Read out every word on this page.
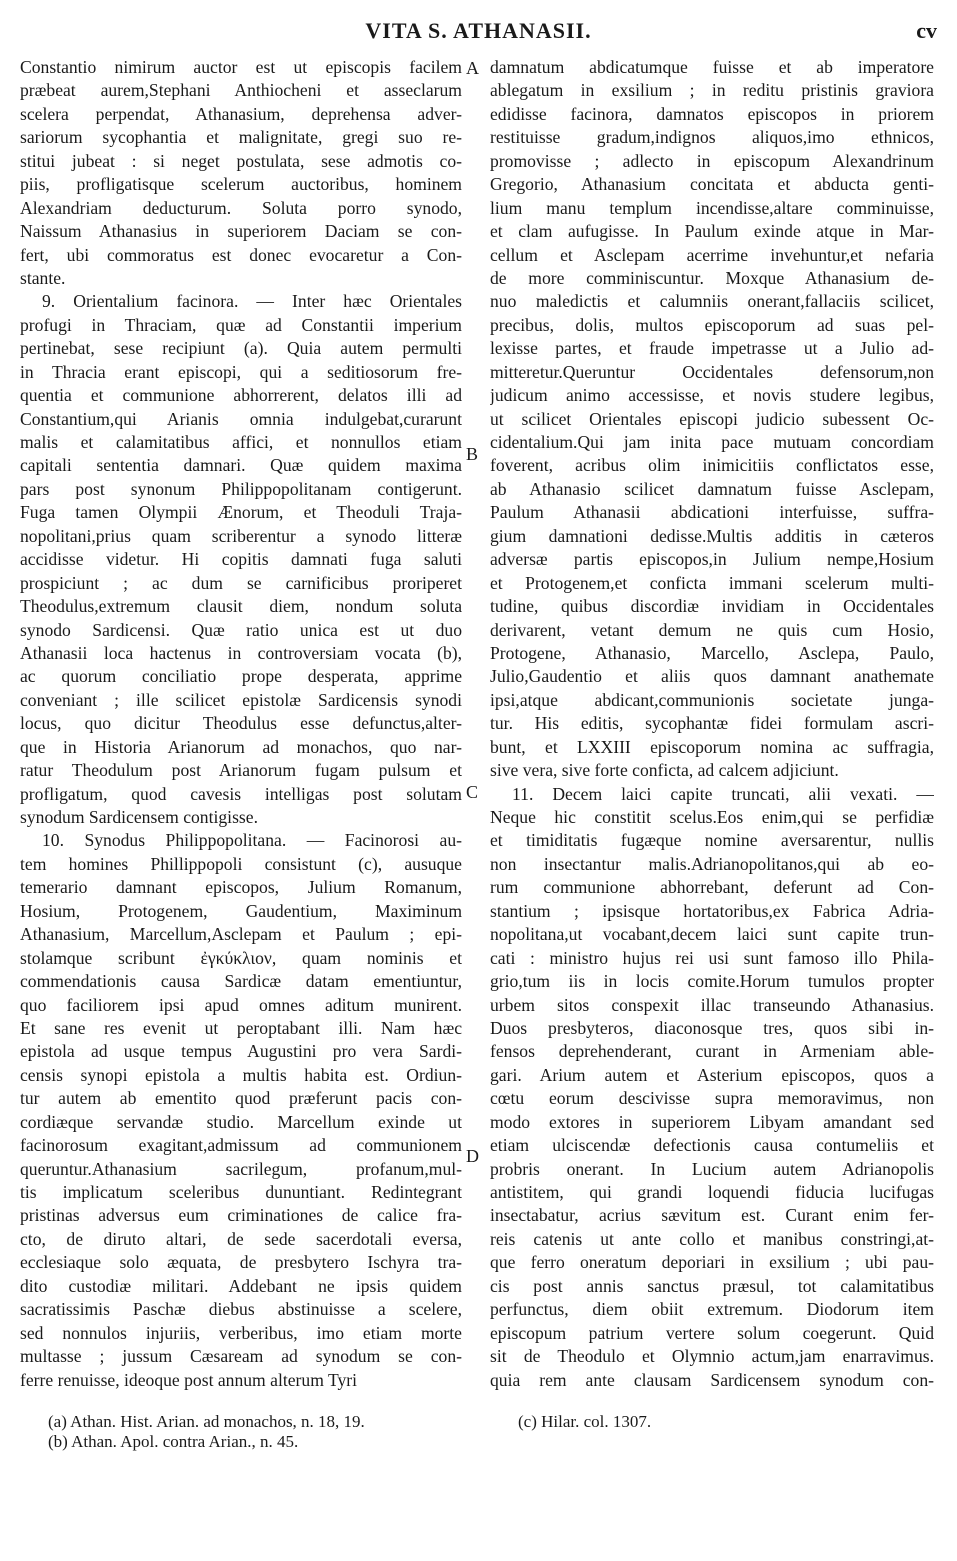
VITA S. ATHANASII.	cv
Constantio nimirum auctor est ut episcopis facilem
præbeat aurem,Stephani Anthiocheni et asseclarum
scelera perpendat, Athanasium, deprehensa adver-
sariorum sycophantia et malignitate, gregi suo re-
stitui jubeat : si neget postulata, sese admotis co-
piis, profligatisque scelerum auctoribus, hominem
Alexandriam deducturum. Soluta porro synodo,
Naissum Athanasius in superiorem Daciam se con-
fert, ubi commoratus est donec evocaretur a Con-
stante.
9. Orientalium facinora. — Inter hæc Orientales
profugi in Thraciam, quæ ad Constantii imperium
pertinebat, sese recipiunt (a). Quia autem permulti
in Thracia erant episcopi, qui a seditiosorum fre-
quentia et communione abhorrerent, delatos illi ad
Constantium,qui Arianis omnia indulgebat,curarunt
malis et calamitatibus affici, et nonnullos etiam
capitali sententia damnari. Quæ quidem maxima
pars post synonum Philippopolitanam contigerunt.
Fuga tamen Olympii Ænorum, et Theoduli Traja-
nopolitani,prius quam scriberentur a synodo litteræ
accidisse videtur. Hi copitis damnati fuga saluti
prospiciunt ; ac dum se carnificibus proriperet
Theodulus,extremum clausit diem, nondum soluta
synodo Sardicensi. Quæ ratio unica est ut duo
Athanasii loca hactenus in controversiam vocata (b),
ac quorum conciliatio prope desperata, apprime
conveniant ; ille scilicet epistolæ Sardicensis synodi
locus, quo dicitur Theodulus esse defunctus,alter-
que in Historia Arianorum ad monachos, quo nar-
ratur Theodulum post Arianorum fugam pulsum et
profligatum, quod cavesis intelligas post solutam
synodum Sardicensem contigisse.
10. Synodus Philippopolitana. — Facinorosi au-
tem homines Phillippopoli consistunt (c), ausuque
temerario damnant episcopos, Julium Romanum,
Hosium, Protogenem, Gaudentium, Maximinum
Athanasium, Marcellum,Asclepam et Paulum ; epi-
stolamque scribunt ἐγκύκλιον, quam nominis et
commendationis causa Sardicæ datam ementiuntur,
quo faciliorem ipsi apud omnes aditum munirent.
Et sane res evenit ut peroptabant illi. Nam hæc
epistola ad usque tempus Augustini pro vera Sardi-
censis synopi epistola a multis habita est. Ordiun-
tur autem ab ementito quod præferunt pacis con-
cordiæque servandæ studio. Marcellum exinde ut
facinorosum exagitant,admissum ad communionem
queruntur.Athanasium sacrilegum, profanum,mul-
tis implicatum sceleribus dununtiant. Redintegrant
pristinas adversus eum criminationes de calice fra-
cto, de diruto altari, de sede sacerdotali eversa,
ecclesiaque solo æquata, de presbytero Ischyra tra-
dito custodiæ militari. Addebant ne ipsis quidem
sacratissimis Paschæ diebus abstinuisse a scelere,
sed nonnulos injuriis, verberibus, imo etiam morte
multasse ; jussum Cæsaream ad synodum se con-
ferre renuisse, ideoque post annum alterum Tyri
damnatum abdicatumque fuisse et ab imperatore
ablegatum in exsilium ; in reditu pristinis graviora
edidisse facinora, damnatos episcopos in priorem
restituisse gradum,indignos aliquos,imo ethnicos,
promovisse ; adlecto in episcopum Alexandrinum
Gregorio, Athanasium concitata et abducta genti-
lium manu templum incendisse,altare comminuisse,
et clam aufugisse. In Paulum exinde atque in Mar-
cellum et Asclepam acerrime invehuntur,et nefaria
de more comminiscuntur. Moxque Athanasium de-
nuo maledictis et calumniis onerant,fallaciis scilicet,
precibus, dolis, multos episcoporum ad suas pel-
lexisse partes, et fraude impetrasse ut a Julio ad-
mitteretur.Queruntur Occidentales defensorum,non
judicum animo accessisse, et novis studere legibus,
ut scilicet Orientales episcopi judicio subessent Oc-
cidentalium.Qui jam inita pace mutuam concordiam
foverent, acribus olim inimicitiis conflictatos esse,
ab Athanasio scilicet damnatum fuisse Asclepam,
Paulum Athanasii abdicationi interfuisse, suffra-
gium damnationi dedisse.Multis additis in cæteros
adversæ partis episcopos,in Julium nempe,Hosium
et Protogenem,et conficta immani scelerum multi-
tudine, quibus discordiæ invidiam in Occidentales
derivarent, vetant demum ne quis cum Hosio,
Protogene, Athanasio, Marcello, Asclepa, Paulo,
Julio,Gaudentio et aliis quos damnant anathemate
ipsi,atque abdicant,communionis societate junga-
tur. His editis, sycophantæ fidei formulam ascri-
bunt, et LXXIII episcoporum nomina ac suffragia,
sive vera, sive forte conficta, ad calcem adjiciunt.
11. Decem laici capite truncati, alii vexati. —
Neque hic constitit scelus.Eos enim,qui se perfidiæ
et timiditatis fugæque nomine aversarentur, nullis
non insectantur malis.Adrianopolitanos,qui ab eo-
rum communione abhorrebant, deferunt ad Con-
stantium ; ipsisque hortatoribus,ex Fabrica Adria-
nopolitana,ut vocabant,decem laici sunt capite trun-
cati : ministro hujus rei usi sunt famoso illo Phila-
grio,tum iis in locis comite.Horum tumulos propter
urbem sitos conspexit illac transeundo Athanasius.
Duos presbyteros, diaconosque tres, quos sibi in-
fensos deprehenderant, curant in Armeniam able-
gari. Arium autem et Asterium episcopos, quos a
cœtu eorum descivisse supra memoravimus, non
modo extores in superiorem Libyam amandant sed
etiam ulciscendæ defectionis causa contumeliis et
probris onerant. In Lucium autem Adrianopolis
antistitem, qui grandi loquendi fiducia lucifugas
insectabatur, acrius sævitum est. Curant enim fer-
reis catenis ut ante collo et manibus constringi,at-
que ferro oneratum deporiari in exsilium ; ubi pau-
cis post annis sanctus præsul, tot calamitatibus
perfunctus, diem obiit extremum. Diodorum item
episcopum patrium vertere solum coegerunt. Quid
sit de Theodulo et Olymnio actum,jam enarravimus.
quia rem ante clausam Sardicensem synodum con-
A
B
C
D
(a) Athan. Hist. Arian. ad monachos, n. 18, 19.
(b) Athan. Apol. contra Arian., n. 45.
(c) Hilar. col. 1307.
